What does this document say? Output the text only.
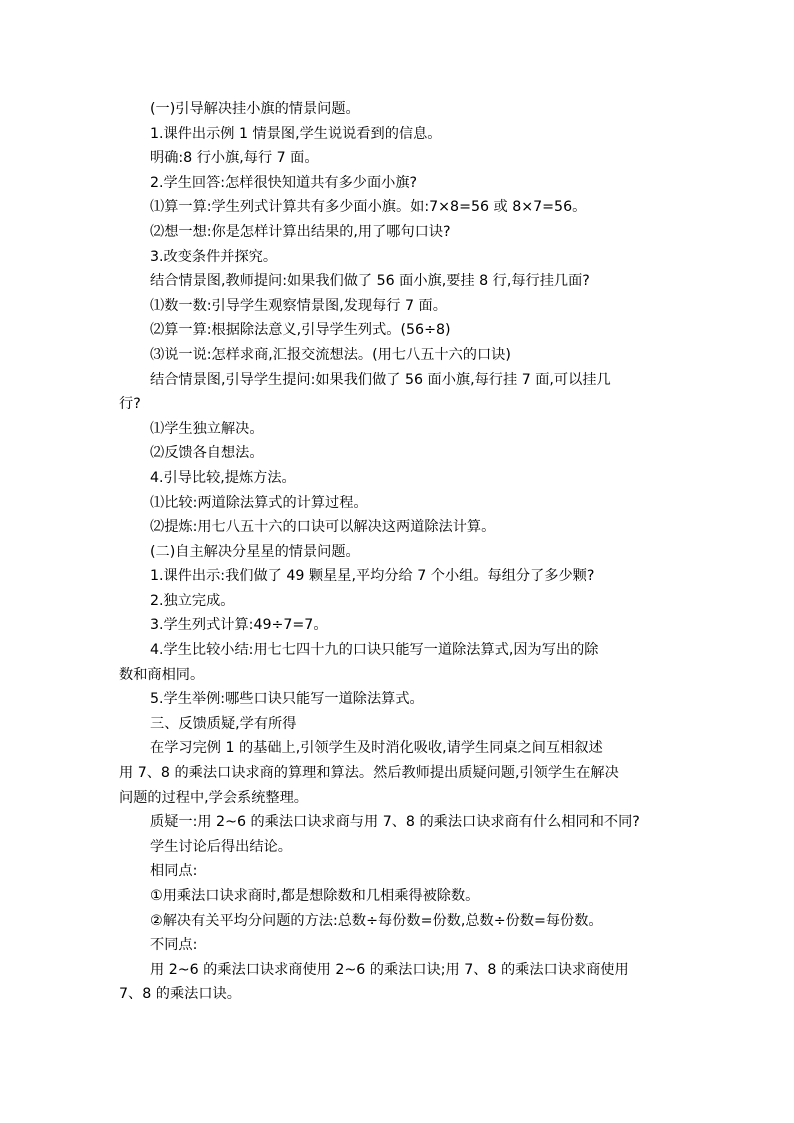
(一)引导解决挂小旗的情景问题。
1.课件出示例 1 情景图,学生说说看到的信息。
明确:8 行小旗,每行 7 面。
2.学生回答:怎样很快知道共有多少面小旗?
⑴算一算:学生列式计算共有多少面小旗。如:7×8=56 或 8×7=56。
⑵想一想:你是怎样计算出结果的,用了哪句口诀?
3.改变条件并探究。
结合情景图,教师提问:如果我们做了 56 面小旗,要挂 8 行,每行挂几面?
⑴数一数:引导学生观察情景图,发现每行 7 面。
⑵算一算:根据除法意义,引导学生列式。(56÷8)
⑶说一说:怎样求商,汇报交流想法。(用七八五十六的口诀)
结合情景图,引导学生提问:如果我们做了 56 面小旗,每行挂 7 面,可以挂几
行?
⑴学生独立解决。
⑵反馈各自想法。
4.引导比较,提炼方法。
⑴比较:两道除法算式的计算过程。
⑵提炼:用七八五十六的口诀可以解决这两道除法计算。
(二)自主解决分星星的情景问题。
1.课件出示:我们做了 49 颗星星,平均分给 7 个小组。每组分了多少颗?
2.独立完成。
3.学生列式计算:49÷7=7。
4.学生比较小结:用七七四十九的口诀只能写一道除法算式,因为写出的除
数和商相同。
5.学生举例:哪些口诀只能写一道除法算式。
三、反馈质疑,学有所得
在学习完例 1 的基础上,引领学生及时消化吸收,请学生同桌之间互相叙述
用 7、8 的乘法口诀求商的算理和算法。然后教师提出质疑问题,引领学生在解决
问题的过程中,学会系统整理。
质疑一:用 2~6 的乘法口诀求商与用 7、8 的乘法口诀求商有什么相同和不同?
学生讨论后得出结论。
相同点:
①用乘法口诀求商时,都是想除数和几相乘得被除数。
②解决有关平均分问题的方法:总数÷每份数=份数,总数÷份数=每份数。
不同点:
用 2~6 的乘法口诀求商使用 2~6 的乘法口诀;用 7、8 的乘法口诀求商使用
7、8 的乘法口诀。
